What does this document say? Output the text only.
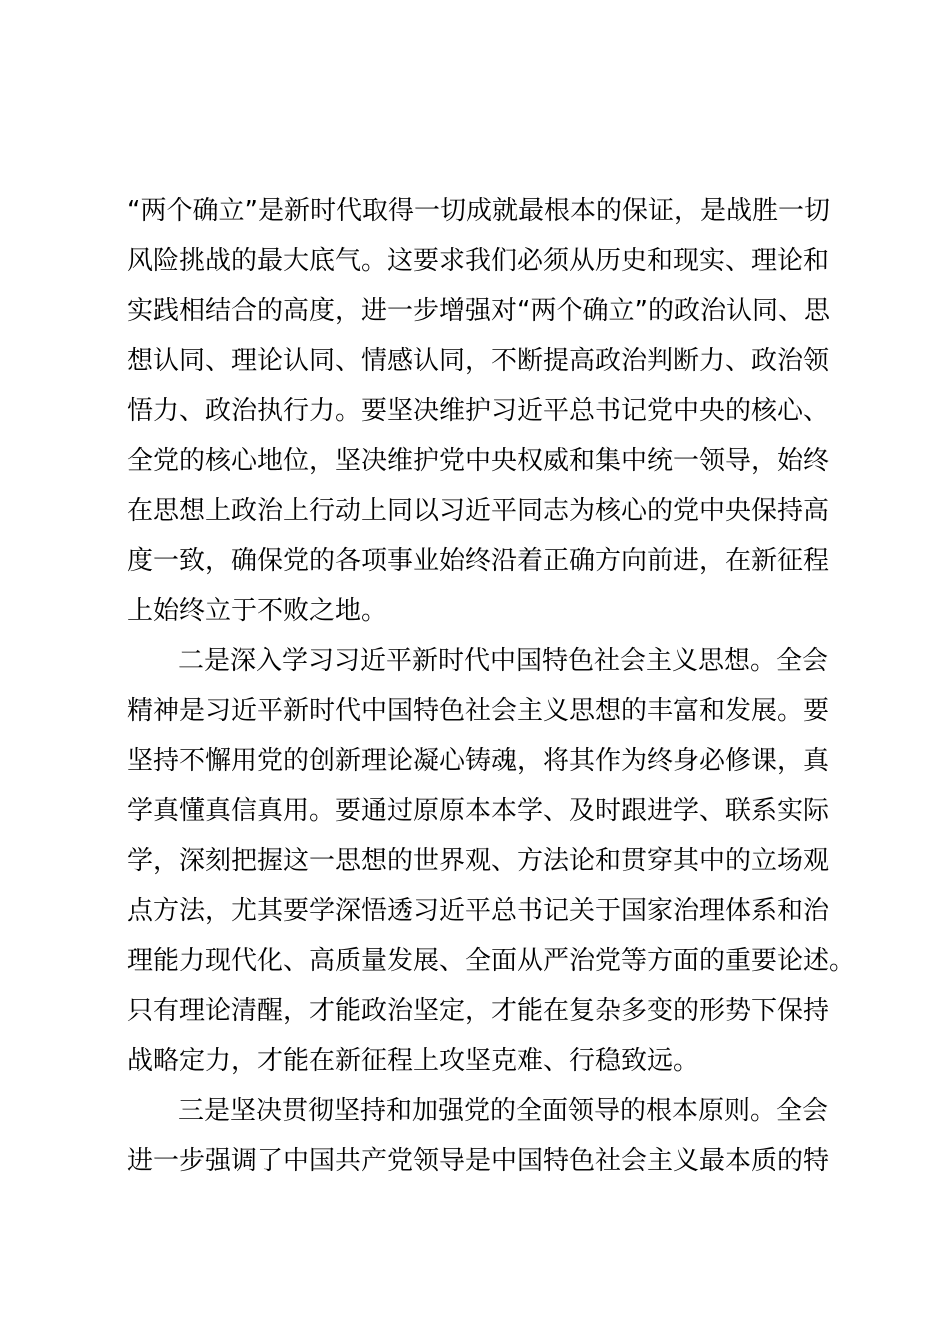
“两个确立”是新时代取得一切成就最根本的保证，是战胜一切
风险挑战的最大底气。这要求我们必须从历史和现实、理论和
实践相结合的高度，进一步增强对“两个确立”的政治认同、思
想认同、理论认同、情感认同，不断提高政治判断力、政治领
悟力、政治执行力。要坚决维护习近平总书记党中央的核心、
全党的核心地位，坚决维护党中央权威和集中统一领导，始终
在思想上政治上行动上同以习近平同志为核心的党中央保持高
度一致，确保党的各项事业始终沿着正确方向前进，在新征程
上始终立于不败之地。
二是深入学习习近平新时代中国特色社会主义思想。全会
精神是习近平新时代中国特色社会主义思想的丰富和发展。要
坚持不懈用党的创新理论凝心铸魂，将其作为终身必修课，真
学真懂真信真用。要通过原原本本学、及时跟进学、联系实际
学，深刻把握这一思想的世界观、方法论和贯穿其中的立场观
点方法，尤其要学深悟透习近平总书记关于国家治理体系和治
理能力现代化、高质量发展、全面从严治党等方面的重要论述。
只有理论清醒，才能政治坚定，才能在复杂多变的形势下保持
战略定力，才能在新征程上攻坚克难、行稳致远。
三是坚决贯彻坚持和加强党的全面领导的根本原则。全会
进一步强调了中国共产党领导是中国特色社会主义最本质的特
